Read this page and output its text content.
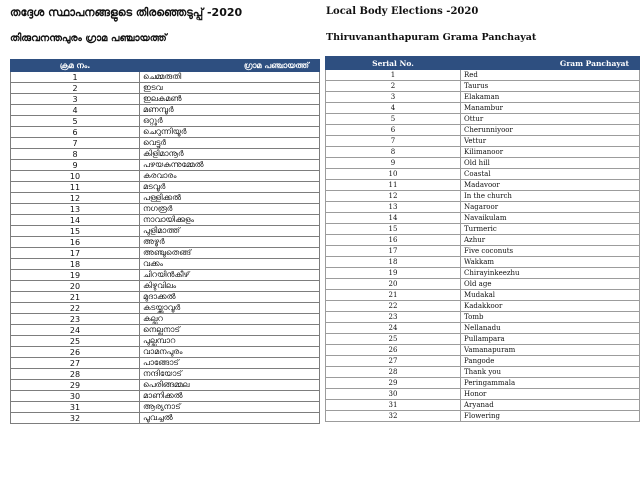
തദ്ദേശ സ്ഥാപനങ്ങളുടെ തിരഞ്ഞെടുപ്പ് -2020
തിരുവനന്തപുരം ഗ്രാമ പഞ്ചായത്ത്
ക്രമ നം.	ഗ്രാമ പഞ്ചായത്ത്
1	ചെമ്മരുതി
2	ഇടവ
3	ഇലകമൺ
4	മണമ്പൂർ
5	ഒറ്റൂർ
6	ചെറുന്നിയൂർ
7	വെട്ടൂർ
8	കിളിമാനൂർ
9	പഴയകുന്നുമ്മേൽ
10	കരവാരം
11	മടവൂർ
12	പള്ളിക്കൽ
13	നഗരൂർ
14	നാവായിക്കുളം
15	പുളിമാത്ത്
16	അഴൂർ
17	അഞ്ചുതെങ്ങ്
18	വക്കം
19	ചിറയിൻകീഴ്
20	കിഴുവിലം
21	മുദാക്കൽ
22	കടയ്ക്കാവൂർ
23	കല്ലറ
24	നെല്ലനാട്
25	പുല്ലമ്പാറ
26	വാമനപുരം
27	പാങ്ങോട്
28	നന്ദിയോട്
29	പെരിങ്ങമ്മല
30	മാണിക്കൽ
31	ആര്യനാട്
32	പൂവച്ചൽ
Local Body Elections -2020
Thiruvananthapuram Grama Panchayat
Serial No.	Gram Panchayat
1	Red
2	Taurus
3	Elakaman
4	Manambur
5	Ottur
6	Cherunniyoor
7	Vettur
8	Kilimanoor
9	Old hill
10	Coastal
11	Madavoor
12	In the church
13	Nagaroor
14	Navaikulam
15	Turmeric
16	Azhur
17	Five coconuts
18	Wakkam
19	Chirayinkeezhu
20	Old age
21	Mudakal
22	Kadakkoor
23	Tomb
24	Nellanadu
25	Pullampara
26	Vamanapuram
27	Pangode
28	Thank you
29	Peringammala
30	Honor
31	Aryanad
32	Flowering
